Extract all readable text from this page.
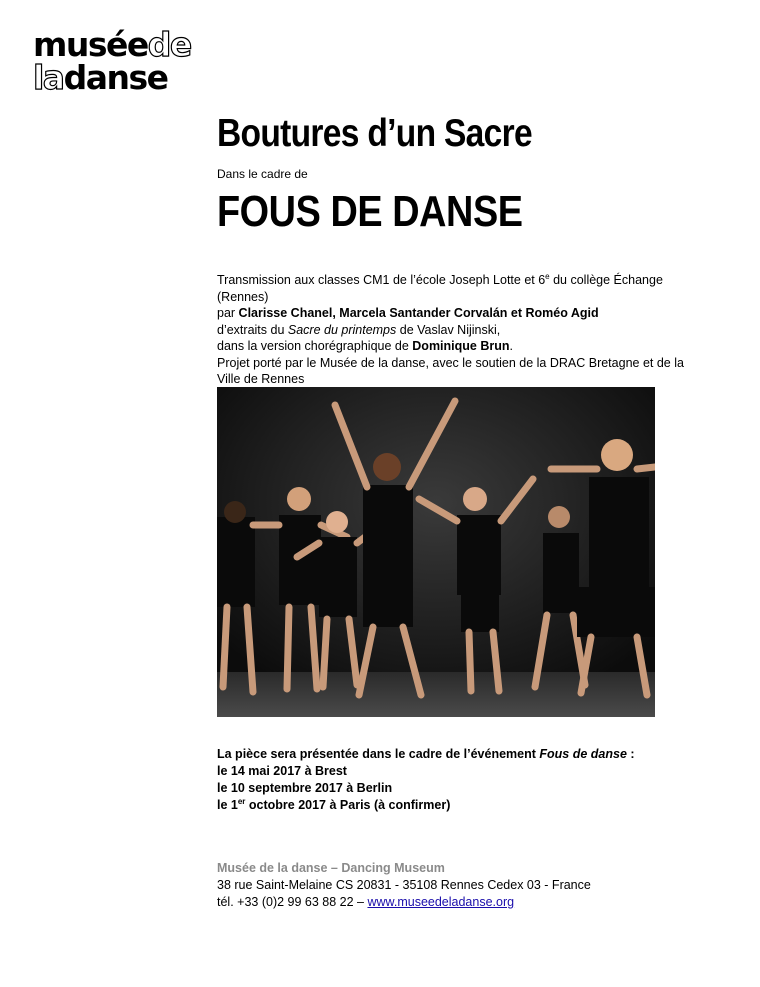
muséede
ladanse
Boutures d’un Sacre
Dans le cadre de
FOUS DE DANSE

Transmission aux classes CM1 de l’école Joseph Lotte et 6e du collège Échange (Rennes)

par Clarisse Chanel, Marcela Santander Corvalán et Roméo Agid

d’extraits du Sacre du printemps de Vaslav Nijinski,

dans la version chorégraphique de Dominique Brun.

Projet porté par le Musée de la danse, avec le soutien de la DRAC Bretagne et de la Ville de Rennes

La pièce sera présentée dans le cadre de l’événement Fous de danse :

le 14 mai 2017 à Brest

le 10 septembre 2017 à Berlin

le 1er octobre 2017 à Paris (à confirmer)

Musée de la danse – Dancing Museum

38 rue Saint-Melaine CS 20831 - 35108 Rennes Cedex 03 - France

tél. +33 (0)2 99 63 88 22 – www.museedeladanse.org
